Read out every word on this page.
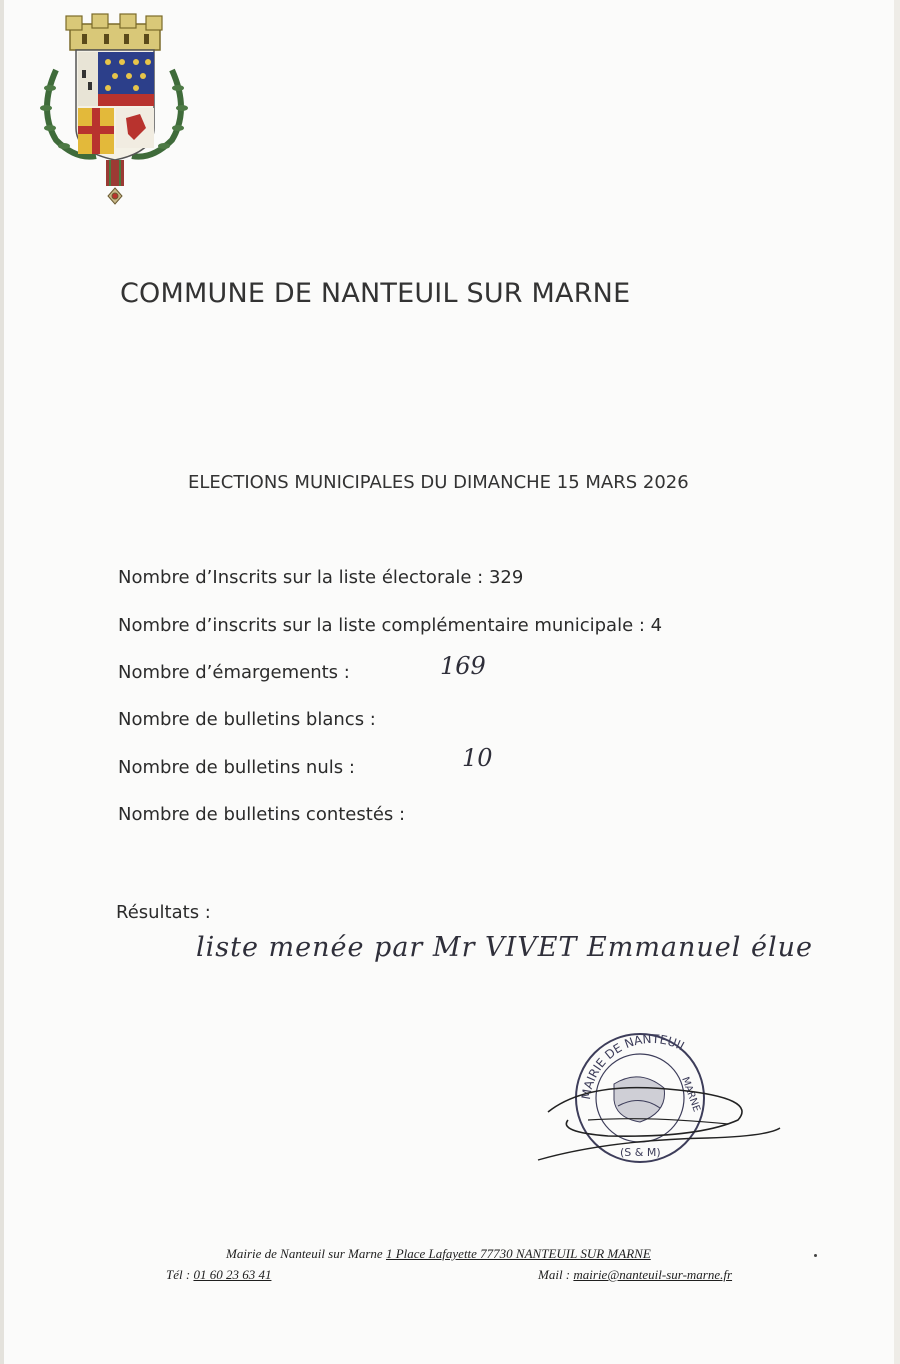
COMMUNE DE NANTEUIL SUR MARNE
ELECTIONS MUNICIPALES DU DIMANCHE 15 MARS 2026
Nombre d’Inscrits sur la liste électorale : 329
Nombre d’inscrits sur la liste complémentaire municipale : 4
Nombre d’émargements :	169
Nombre de bulletins blancs :
Nombre de bulletins nuls :	10
Nombre de bulletins contestés :
Résultats :
liste menée par Mr VIVET Emmanuel élue
MAIRIE DE NANTEUIL
MARNE
(S & M)
Mairie de Nanteuil sur Marne 1 Place Lafayette 77730 NANTEUIL SUR MARNE
Tél : 01 60 23 63 41	Mail : mairie@nanteuil-sur-marne.fr
